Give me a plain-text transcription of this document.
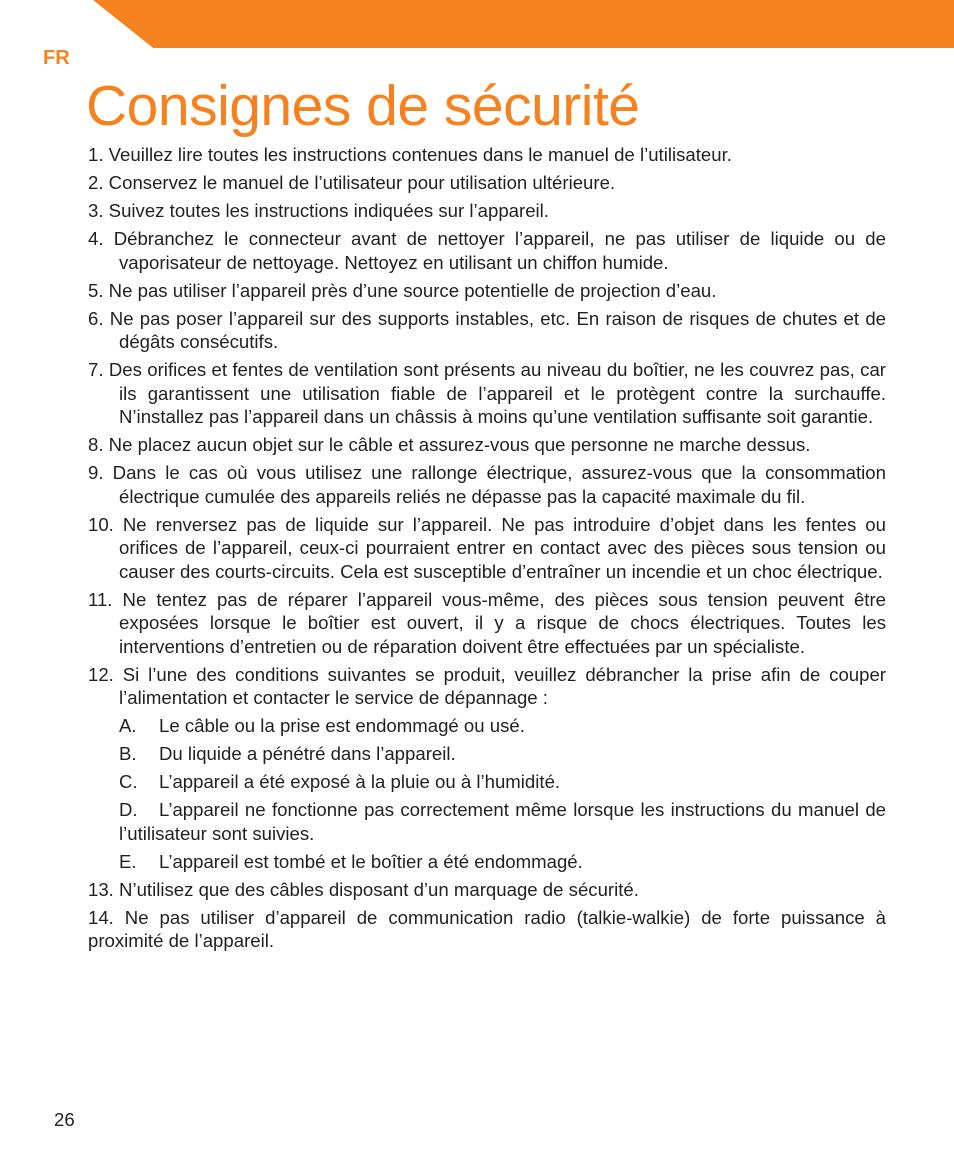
FR
Consignes de sécurité
1. Veuillez lire toutes les instructions contenues dans le manuel de l’utilisateur.
2. Conservez le manuel de l’utilisateur pour utilisation ultérieure.
3. Suivez toutes les instructions indiquées sur l’appareil.
4. Débranchez le connecteur avant de nettoyer l’appareil, ne pas utiliser de liquide ou de vaporisateur de nettoyage. Nettoyez en utilisant un chiffon humide.
5. Ne pas utiliser l’appareil près d’une source potentielle de projection d’eau.
6. Ne pas poser l’appareil sur des supports instables, etc. En raison de risques de chutes et de dégâts consécutifs.
7. Des orifices et fentes de ventilation sont présents au niveau du boîtier, ne les couvrez pas, car ils garantissent une utilisation fiable de l’appareil et le protègent contre la surchauffe. N’installez pas l’appareil dans un châssis à moins qu’une ventilation suffisante soit garantie.
8. Ne placez aucun objet sur le câble et assurez-vous que personne ne marche dessus.
9. Dans le cas où vous utilisez une rallonge électrique, assurez-vous que la consommation électrique cumulée des appareils reliés ne dépasse pas la capacité maximale du fil.
10. Ne renversez pas de liquide sur l’appareil. Ne pas introduire d’objet dans les fentes ou orifices de l’appareil, ceux-ci pourraient entrer en contact avec des pièces sous tension ou causer des courts-circuits. Cela est susceptible d’entraîner un incendie et un choc électrique.
11. Ne tentez pas de réparer l’appareil vous-même, des pièces sous tension peuvent être exposées lorsque le boîtier est ouvert, il y a risque de chocs électriques. Toutes les interventions d’entretien ou de réparation doivent être effectuées par un spécialiste.
12. Si l’une des conditions suivantes se produit, veuillez débrancher la prise afin de couper l’alimentation et contacter le service de dépannage :
A. Le câble ou la prise est endommagé ou usé.
B. Du liquide a pénétré dans l’appareil.
C. L’appareil a été exposé à la pluie ou à l’humidité.
D. L’appareil ne fonctionne pas correctement même lorsque les instructions du manuel de l’utilisateur sont suivies.
E. L’appareil est tombé et le boîtier a été endommagé.
13. N’utilisez que des câbles disposant d’un marquage de sécurité.
14. Ne pas utiliser d’appareil de communication radio (talkie-walkie) de forte puissance à proximité de l’appareil.
26
